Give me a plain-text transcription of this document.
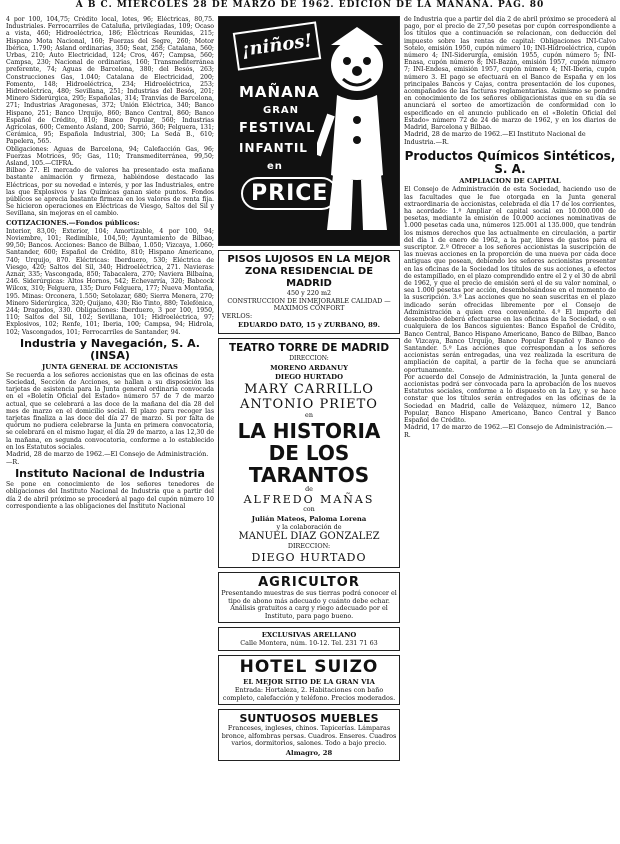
A B C. MIERCOLES 28 DE MARZO DE 1962. EDICION DE LA MAÑANA. PAG. 80

4 por 100, 104,75; Crédito local, lotes, 96; Eléctricas, 80,75. Industriales. Ferrocarriles de Cataluña, privilegiadas, 109; Ocaso a vista, 460; Hidroeléctrica, 186; Eléctricas Reunidas, 215; Hispano Mota Nacional, 160; Fuerzas del Segre, 260; Motor Ibérica, 1.790; Asland ordinarias, 350; Seat, 258; Catalana, 560; Urbas, 210; Auto Electricidad, 124; Cros, 467; Campsa, 560; Campsa, 230; Nacional de ordinarias, 160; Transmediterránea preferente, 74; Aguas de Barcelona, 380; del Besós, 263; Construcciones Gas, 1.040; Catalana de Electricidad, 200; Fomento, 148; Hidroeléctrica, 234; Hidroeléctrica, 253; Hidroeléctrica, 480; Sevillana, 251; Industrias del Besós, 201; Minero Siderúrgica, 295; Españolas, 314; Tranvías de Barcelona, 271; Industrias Aragonesas, 372; Unión Eléctrica, 340; Banco Hispano, 251; Banco Urquijo, 860; Banco Central, 860; Banco Español de Crédito, 810; Banco Popular, 560; Industrias Agrícolas, 600; Cemento Asland, 200; Sarrió, 360; Felguera, 131; Cerámica, 95; Española Industrial, 300; La Seda B., 610; Papelera, 565.

Obligaciones: Aguas de Barcelona, 94; Calefacción Gas, 96; Fuerzas Motrices, 95; Gas, 110; Transmediterránea, 99,50; Asland, 105.—CIFRA.

Bilbao 27. El mercado de valores ha presentado esta mañana bastante animación y firmeza, habiéndose destacado las Eléctricas, por su novedad e interés, y por las Industriales, entre las que Explosivos y las Químicas ganan siete puntos. Fondos públicos se aprecia bastante firmeza en los valores de renta fija. Se hicieron operaciones en Eléctricas de Viesgo, Saltos del Sil y Sevillana, sin mejoras en el cambio.

COTIZACIONES.—Fondos públicos:

Interior, 83,00; Exterior, 104; Amortizable, 4 por 100, 94; Noviembre, 101; Redimible, 104,50; Ayuntamiento de Bilbao, 99,50; Bancos. Acciones: Banco de Bilbao, 1.050; Vizcaya, 1.060; Santander, 600; Español de Crédito, 810; Hispano Americano, 740; Urquijo, 870. Eléctricas: Iberduero, 530; Eléctrica de Viesgo, 420; Saltos del Sil, 340; Hidroeléctrica, 271. Navieras: Aznar, 335; Vascongada, 850; Tabacalera, 270; Naviera Bilbaína, 246. Siderúrgicas: Altos Hornos, 542; Echevarría, 320; Babcock Wilcox, 310; Felguera, 135; Duro Felguera, 177; Nueva Montaña, 195. Minas: Orconera, 1.550; Setolazar, 680; Sierra Menera, 270; Minero Siderúrgica, 320; Quijano, 430; Rio Tinto, 880; Telefónica, 244; Dragados, 330. Obligaciones: Iberduero, 3 por 100, 1950, 110; Saltos del Sil, 102; Sevillana, 101; Hidroeléctrica, 97; Explosivos, 102; Renfe, 101; Iberia, 100; Campsa, 94; Hidrola, 102; Vascongados, 101; Ferrocarriles de Santander, 94.

Industria y Navegación, S. A. (INSA)
JUNTA GENERAL DE ACCIONISTAS

Se recuerda a los señores accionistas que en las oficinas de esta Sociedad, Sección de Acciones, se hallan a su disposición las tarjetas de asistencia para la Junta general ordinaria convocada en el «Boletín Oficial del Estado» número 57 de 7 de marzo actual, que se celebrará a las doce de la mañana del día 28 del mes de marzo en el domicilio social. El plazo para recoger las tarjetas finaliza a las doce del día 27 de marzo. Si por falta de quórum no pudiera celebrarse la Junta en primera convocatoria, se celebrará en el mismo lugar, el día 29 de marzo, a las 12,30 de la mañana, en segunda convocatoria, conforme a lo establecido en los Estatutos sociales.

Madrid, 28 de marzo de 1962.—El Consejo de Administración.—R.

Instituto Nacional de Industria

Se pone en conocimiento de los señores tenedores de obligaciones del Instituto Nacional de Industria que a partir del día 2 de abril próximo se procederá al pago del cupón número 10 correspondiente a las obligaciones del Instituto Nacional

¡niños!
MAÑANA
GRAN
FESTIVAL
INFANTIL
en
PRICE
PISOS LUJOSOS EN LA MEJOR ZONA RESIDENCIAL DE MADRID
450 y 220 m2
CONSTRUCCION DE INMEJORABLE CALIDAD — MAXIMOS CONFORT
VERLOS:
EDUARDO DATO, 15 y ZURBANO, 89.
TEATRO TORRE DE MADRID
DIRECCION:
MORENO ARDANUY
DIEGO HURTADO
MARY CARRILLO ANTONIO PRIETO
en
LA HISTORIA DE LOS TARANTOS
de
ALFREDO MAÑAS
con
Julián Mateos, Paloma Lorena
y la colaboración de
MANUEL DIAZ GONZALEZ
DIRECCION:
DIEGO HURTADO
AGRICULTOR
Presentando muestras de sus tierras podrá conocer el tipo de abono más adecuado y cuánto debe echar. Análisis gratuitos a carg y riego adecuado por el Instituto, para pago bueno.
EXCLUSIVAS ARELLANO
Calle Montera, núm. 10-12. Tel. 231 71 63
HOTEL SUIZO
EL MEJOR SITIO DE LA GRAN VIA
Entrada: Hortaleza, 2. Habitaciones con baño completo, calefacción y teléfono. Precios moderados.
SUNTUOSOS MUEBLES
Franceses, ingleses, chinos. Tapicerías. Lámparas bronce, alfombras persas. Cuadros. Enseres. Cuadros varios, dormitorios, salones. Todo a bajo precio.
Almagro, 28

de Industria que a partir del día 2 de abril próximo se procederá al pago, por el precio de 27,50 pesetas por cupón correspondiente a los títulos que a continuación se relacionan, con deducción del impuesto sobre las rentas de capital: Obligaciones INI-Calvo Sotelo, emisión 1950, cupón número 10; INI-Hidroeléctrica, cupón número 4; INI-Siderurgia, emisión 1955, cupón número 5; INI-Enasa, cupón número 8; INI-Bazán, emisión 1957, cupón número 7; INI-Endesa, emisión 1957, cupón número 4; INI-Iberia, cupón número 3. El pago se efectuará en el Banco de España y en los principales Bancos y Cajas, contra presentación de los cupones, acompañados de las facturas reglamentarias. Asimismo se pondrá en conocimiento de los señores obligacionistas que en su día se anunciará el sorteo de amortización de conformidad con lo especificado en el anuncio publicado en el «Boletín Oficial del Estado» número 72 de 24 de marzo de 1962, y en los diarios de Madrid, Barcelona y Bilbao.

Madrid, 28 de marzo de 1962.—El Instituto Nacional de Industria.—R.

Productos Químicos Sintéticos, S. A.
AMPLIACION DE CAPITAL

El Consejo de Administración de esta Sociedad, haciendo uso de las facultades que le fue otorgada en la Junta general extraordinaria de accionistas, celebrada el día 17 de los corrientes, ha acordado: 1.º Ampliar el capital social en 10.000.000 de pesetas, mediante la emisión de 10.000 acciones nominativas de 1.000 pesetas cada una, números 125.001 al 135.000, que tendrán los mismos derechos que las actualmente en circulación, a partir del día 1 de enero de 1962, a la par, libres de gastos para el suscriptor. 2.º Ofrecer a los señores accionistas la suscripción de las nuevas acciones en la proporción de una nueva por cada doce antiguas que posean, debiendo los señores accionistas presentar en las oficinas de la Sociedad los títulos de sus acciones, a efectos de estampillado, en el plazo comprendido entre el 2 y el 30 de abril de 1962, y que el precio de emisión será el de su valor nominal, o sea 1.000 pesetas por acción, desembolsándose en el momento de la suscripción. 3.º Las acciones que no sean suscritas en el plazo indicado serán ofrecidas libremente por el Consejo de Administración a quien crea conveniente. 4.º El importe del desembolso deberá efectuarse en las oficinas de la Sociedad, o en cualquiera de los Bancos siguientes: Banco Español de Crédito, Banco Central, Banco Hispano Americano, Banco de Bilbao, Banco de Vizcaya, Banco Urquijo, Banco Popular Español y Banco de Santander. 5.º Las acciones que correspondan a los señores accionistas serán entregadas, una vez realizada la escritura de ampliación de capital, a partir de la fecha que se anunciará oportunamente.

Por acuerdo del Consejo de Administración, la Junta general de accionistas podrá ser convocada para la aprobación de los nuevos Estatutos sociales, conforme a lo dispuesto en la Ley, y se hace constar que los títulos serán entregados en las oficinas de la Sociedad en Madrid, calle de Velázquez, número 12, Banco Popular, Banco Hispano Americano, Banco Central y Banco Español de Crédito.

Madrid, 17 de marzo de 1962.—El Consejo de Administración.—R.
